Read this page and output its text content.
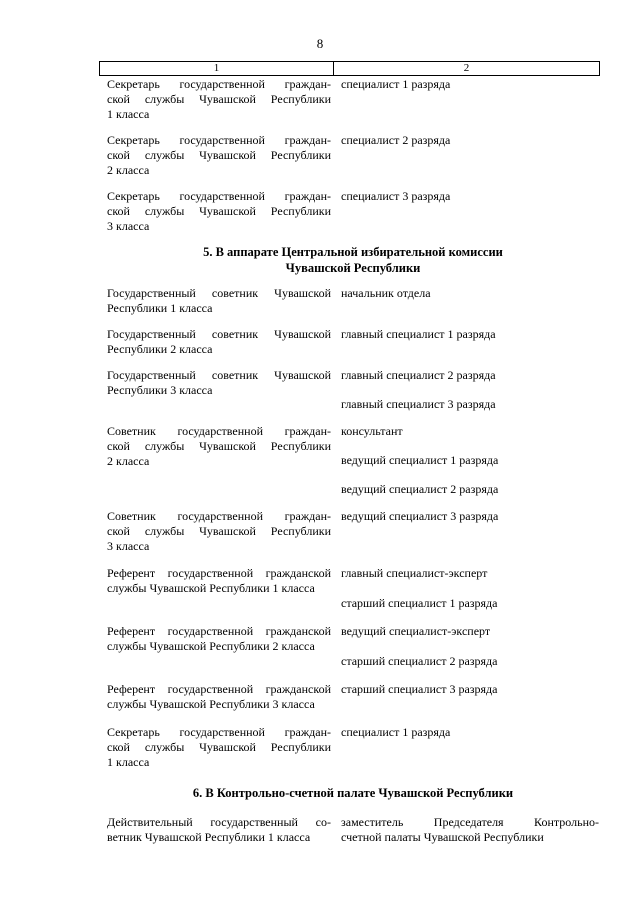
8
1	2
Секретарь государственной граждан-
ской службы Чувашской Республики
1 класса
специалист 1 разряда
Секретарь государственной граждан-
ской службы Чувашской Республики
2 класса
специалист 2 разряда
Секретарь государственной граждан-
ской службы Чувашской Республики
3 класса
специалист 3 разряда
5. В аппарате Центральной избирательной комиссии
Чувашской Республики
Государственный советник Чувашской
Республики 1 класса
начальник отдела
Государственный советник Чувашской
Республики 2 класса
главный специалист 1 разряда
Государственный советник Чувашской
Республики 3 класса
главный специалист 2 разряда
главный специалист 3 разряда
Советник государственной граждан-
ской службы Чувашской Республики
2 класса
консультант
ведущий специалист 1 разряда
ведущий специалист 2 разряда
Советник государственной граждан-
ской службы Чувашской Республики
3 класса
ведущий специалист 3 разряда
Референт государственной гражданской
службы Чувашской Республики 1 класса
главный специалист-эксперт
старший специалист 1 разряда
Референт государственной гражданской
службы Чувашской Республики 2 класса
ведущий специалист-эксперт
старший специалист 2 разряда
Референт государственной гражданской
службы Чувашской Республики 3 класса
старший специалист 3 разряда
Секретарь государственной граждан-
ской службы Чувашской Республики
1 класса
специалист 1 разряда
6. В Контрольно-счетной палате Чувашской Республики
Действительный государственный со-
ветник Чувашской Республики 1 класса
заместитель Председателя Контрольно-
счетной палаты Чувашской Республики
